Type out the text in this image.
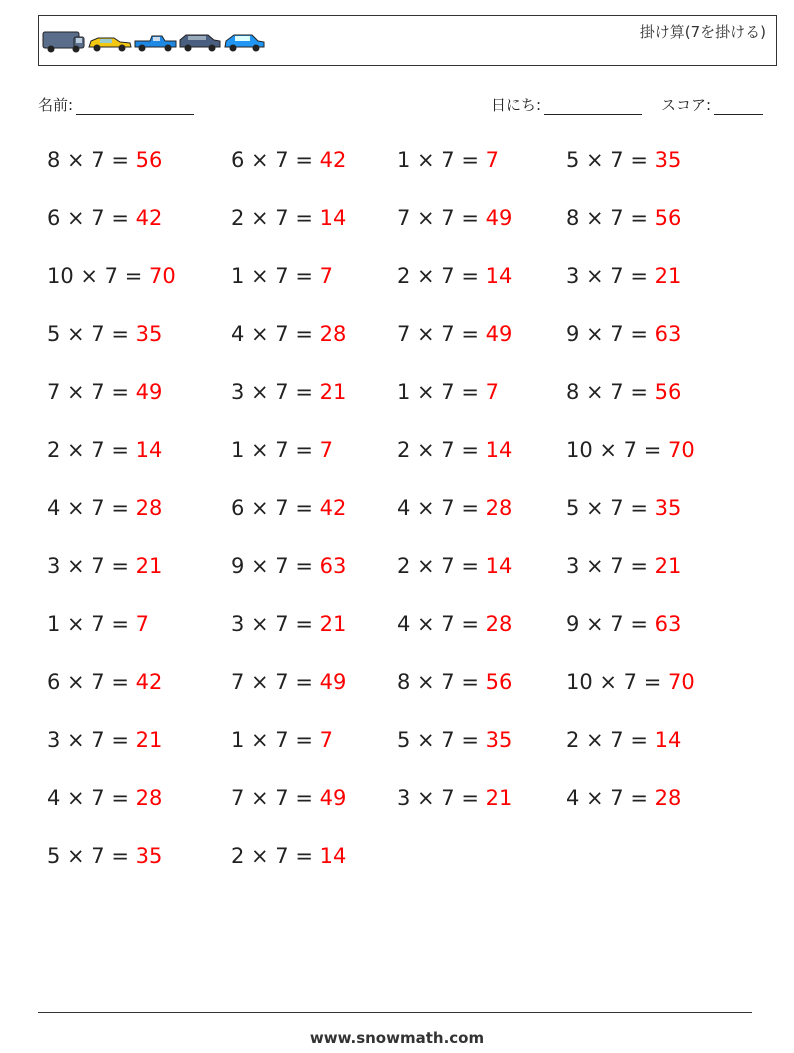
掛け算(7を掛ける)
名前:	日にち:	スコア:
8 × 7 = 56
6 × 7 = 42
10 × 7 = 70
5 × 7 = 35
7 × 7 = 49
2 × 7 = 14
4 × 7 = 28
3 × 7 = 21
1 × 7 = 7
6 × 7 = 42
3 × 7 = 21
4 × 7 = 28
5 × 7 = 35
6 × 7 = 42
2 × 7 = 14
1 × 7 = 7
4 × 7 = 28
3 × 7 = 21
1 × 7 = 7
6 × 7 = 42
9 × 7 = 63
3 × 7 = 21
7 × 7 = 49
1 × 7 = 7
7 × 7 = 49
2 × 7 = 14
1 × 7 = 7
7 × 7 = 49
2 × 7 = 14
7 × 7 = 49
1 × 7 = 7
2 × 7 = 14
4 × 7 = 28
2 × 7 = 14
4 × 7 = 28
8 × 7 = 56
5 × 7 = 35
3 × 7 = 21
5 × 7 = 35
8 × 7 = 56
3 × 7 = 21
9 × 7 = 63
8 × 7 = 56
10 × 7 = 70
5 × 7 = 35
3 × 7 = 21
9 × 7 = 63
10 × 7 = 70
2 × 7 = 14
4 × 7 = 28
www.snowmath.com
